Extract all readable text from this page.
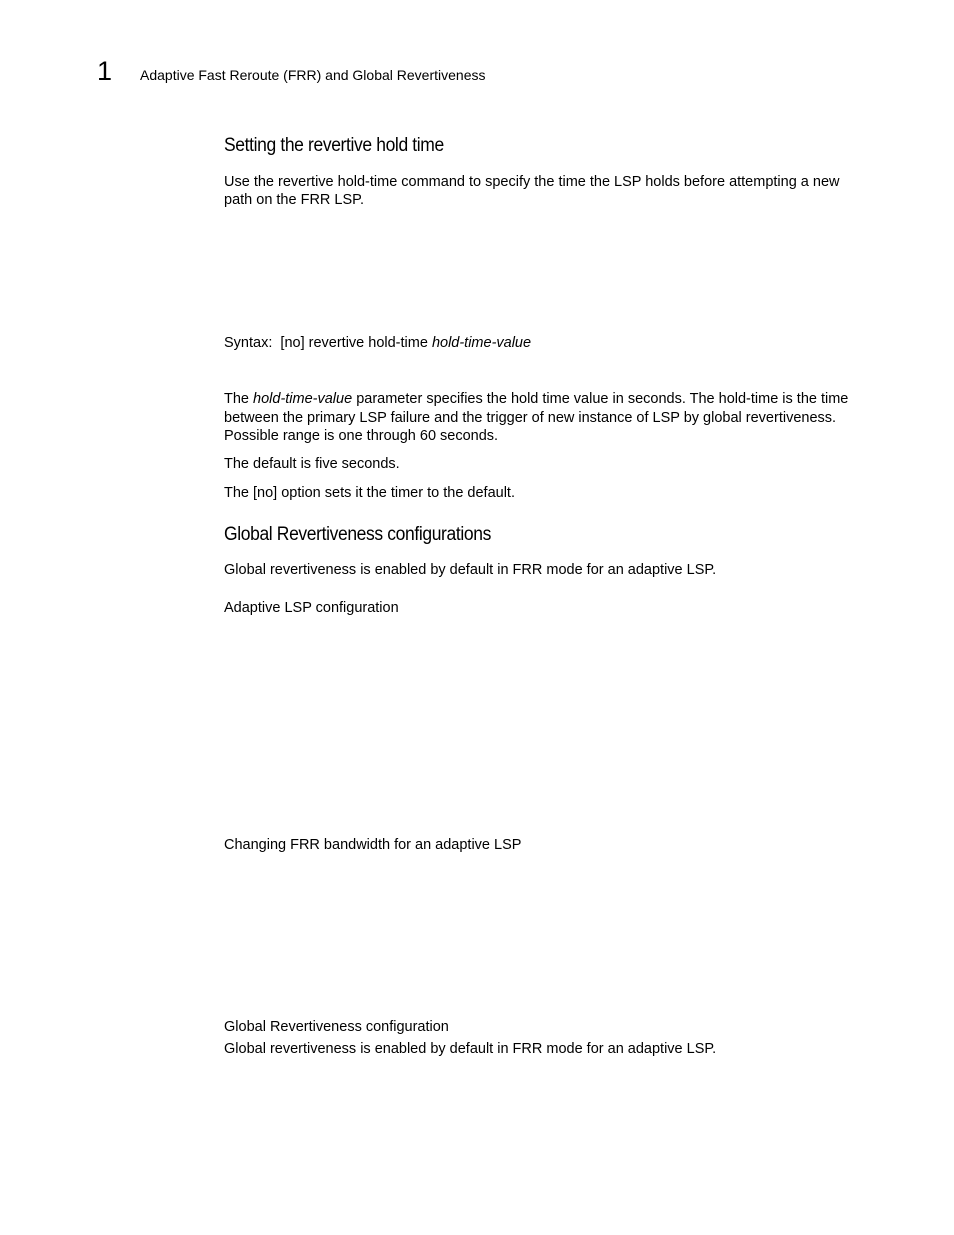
1 Adaptive Fast Reroute (FRR) and Global Revertiveness
Setting the revertive hold time

Use the revertive hold-time command to specify the time the LSP holds before attempting a new

path on the FRR LSP.

Syntax: [no] revertive hold-time hold-time-value

The hold-time-value parameter specifies the hold time value in seconds. The hold-time is the time

between the primary LSP failure and the trigger of new instance of LSP by global revertiveness.

Possible range is one through 60 seconds.

The default is five seconds.

The [no] option sets it the timer to the default.

Global Revertiveness configurations

Global revertiveness is enabled by default in FRR mode for an adaptive LSP.

Adaptive LSP configuration

Changing FRR bandwidth for an adaptive LSP

Global Revertiveness configuration

Global revertiveness is enabled by default in FRR mode for an adaptive LSP.
